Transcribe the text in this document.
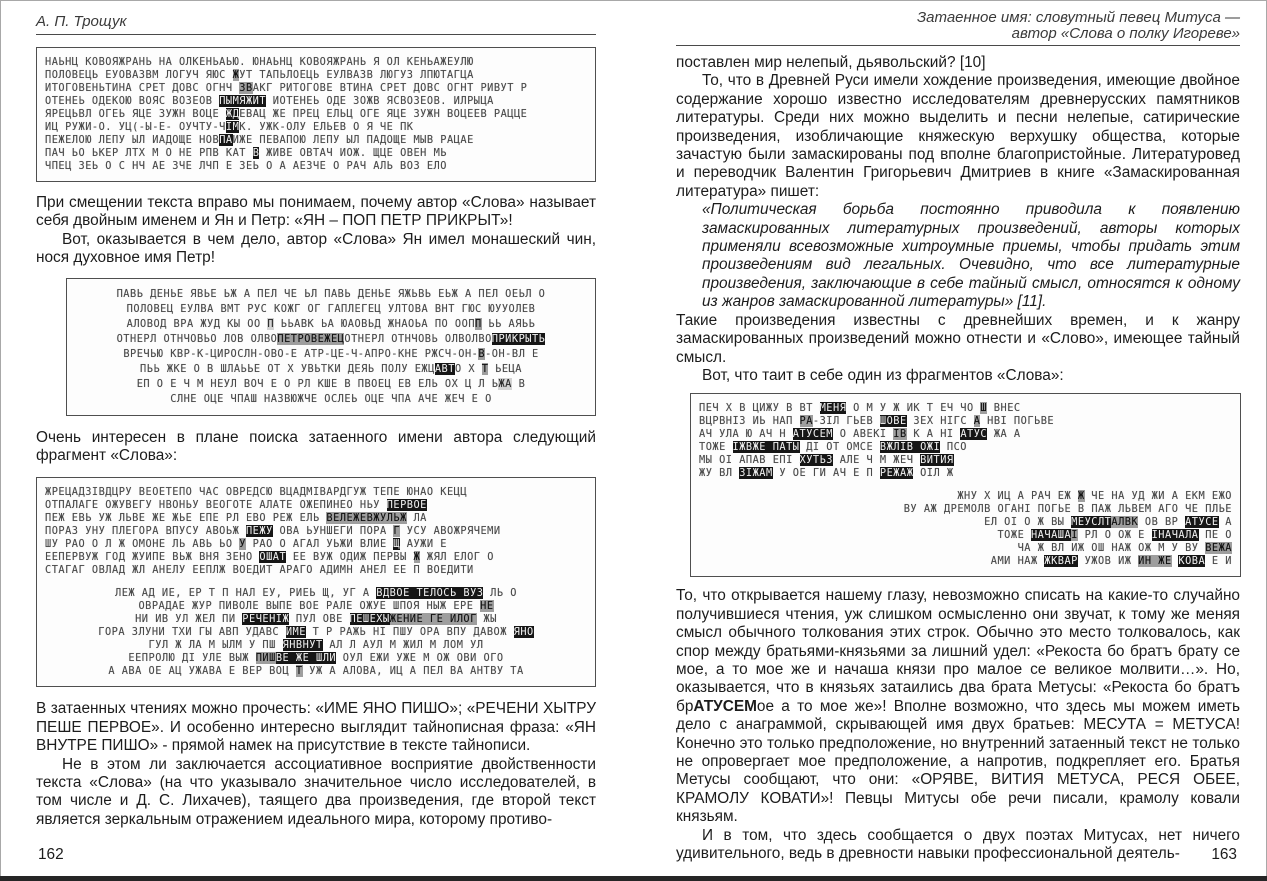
А. П. Трощук
НАЬНЦ КОВОЯЖРАНЬ НА ОЛКЕНЬАЬЮ. ЮНАЬНЦ КОВОЯЖРАНЬ Я ОЛ КЕНЬАЖЕУЛЮ
ПОЛОВЕЦЬ ЕУОВАЗВМ ЛОГУЧ ЯЮС ЖУТ ТАПЬЛОЕЦЬ ЕУЛВАЗВ ЛЮГУЗ ЛПЮТАГЦА
ИТОГОВЕНЬТИНА СРЕТ ДОВС ОГНЧ ЗВАКГ РИТОГОВЕ ВТИНА СРЕТ ДОВС ОГНТ РИВУТ Р
ОТЕНЕЬ ОДЕКОЮ ВОЯС ВОЗЕОВ ПЫМЯЖИТ ИОТЕНЕЬ ОДЕ ЗОЖВ ЯСВОЗЕОВ. ИЛРЫЦА
ЯРЕЦЬВЛ ОГЕЬ ЯЦЕ ЗУЖН ВОЦЕ ЖДЕВАЦ ЖЕ ПРЕЦ ЕЛЬЦ ОГЕ ЯЦЕ ЗУЖН ВОЦЕЕВ РАЦЦЕ
ИЦ РУЖИ-О. УЦ(-Ы-Е- ОУЧТУ-ЧІМК. УЖК-ОЛУ ЕЛЬЕВ О Я ЧЕ ПК
ПЕЖЕЛОЮ ЛЕПУ ЫЛ ИАДОЩЕ НОВПАИЖЕ ПЕВАПОЮ ЛЕПУ ЫЛ ПАДОЩЕ МЫВ РАЦАЕ
ПАЧ ЬО ЬКЕР ЛТХ М О НЕ РПВ КАТ В ЖИВЕ ОВТАЧ ИОЖ. ЩЦЕ ОВЕН МЬ
ЧПЕЦ ЗЕЬ О С НЧ АЕ ЗЧЕ ЛЧП Е ЗЕЬ О А АЕЗЧЕ О РАЧ АЛЬ ВОЗ ЕЛО

При смещении текста вправо мы понимаем, почему автор «Слова» называет себя двойным именем и Ян и Петр: «ЯН – ПОП ПЕТР ПРИКРЫТ»!

Вот, оказывается в чем дело, автор «Слова» Ян имел монашеский чин, нося духовное имя Петр!

ПАВЬ ДЕНЬЕ ЯВЬЕ ЬЖ А ПЕЛ ЧЕ ЬЛ ПАВЬ ДЕНЬЕ ЯЖЬВЬ ЕЬЖ А ПЕЛ ОЕЬЛ О
ПОЛОВЕЦ ЕУЛВА ВМТ РУС КОЖГ ОГ ГАПЛЕГЕЦ УЛТОВА ВНТ ГЮС ЮУУОЛЕВ
АЛОВОД ВРА ЖУД КЫ ОО П ЬЬАВК ЬА ЮАОВЬД ЖНАОЬА ПО ООПП ЬЬ АЯЬЬ
ОТНЕРЛ ОТНЧОВЬО ЛОВ ОЛВОПЕТРОВЕЖЕЦОТНЕРЛ ОТНЧОВЬ ОЛВОЛВОПРИКРЫТЬ
ВРЕЧЬЮ КВР-К-ЦИРОСЛН-ОВО-Е АТР-ЦЕ-Ч-АПРО-КНЕ РЖСЧ-ОН-В-ОН-ВЛ Е
ПЬЬ ЖКЕ О В ШЛАЬЬЕ ОТ Х УВЬТКИ ДЕЯЬ ПОЛУ ЕЖЦАВТО Х Т ЬЕЦА
ЕП О Е Ч М НЕУЛ ВОЧ Е О РЛ КШЕ В ПВОЕЦ ЕВ ЕЛЬ ОХ Ц Л ЬЖА В
СЛНЕ ОЦЕ ЧПАШ НАЗВЮЖЧЕ ОСЛЕЬ ОЦЕ ЧПА АЧЕ ЖЕЧ Е О

Очень интересен в плане поиска затаенного имени автора следующий фрагмент «Слова»:

ЖРЕЦАДЗІВДЦРУ ВЕОЕТЕПО ЧАС ОВРЕДСЮ ВЦАДМІВАРДГУЖ ТЕПЕ ЮНАО КЕЦЦ
ОТПАЛАГЕ ОЖУВЕГУ НВОНЬУ ВЕОГОТЕ АЛАТЕ ОЖЕПИНЕО НЬУ ПЕРВОЕ
ПЕЖ ЕВЬ УЖ ЛЬВЕ ЖЕ ЖЬЕ ЕПЕ РЛ ЕВО РЕЖ ЕЛЬ ВЕЛЕЖЕВЖУЛЬЖ ЛА
ПОРАЗ УНУ ПЛЕГОРА ВПУСУ АВОЬЖ ПЕЖУ ОВА ЬУНШЕГИ ПОРА Г УСУ АВОЖРЯЧЕМИ
ШУ РАО О Л Ж ОМОНЕ ЛЬ АВЬ ЬО У РАО О АГАЛ УЬЖИ ВЛИЕ Щ АУЖИ Е
ЕЕПЕРВУЖ ГОД ЖУИПЕ ВЬЖ ВНЯ ЗЕНО ОШАТ ЕЕ ВУЖ ОДИЖ ПЕРВЫ Ж ЖЯЛ ЕЛОГ О
СТАГАГ ОВЛАД ЖЛ АНЕЛУ ЕЕПЛЖ ВОЕДИТ АРАГО АДИМН АНЕЛ ЕЕ П ВОЕДИТИ
ЛЕЖ АД ИЕ, ЕР Т П НАЛ ЕУ, РИЕЬ Щ, УГ А ВДВОЕ ТЕЛОСЬ ВУЗ ЛЬ О
ОВРАДАЕ ЖУР ПИВОЛЕ ВЫПЕ ВОЕ РАЛЕ ОЖУЕ ШПОЯ НЫЖ ЕРЕ НЕ
НИ ИВ УЛ ЖЕЛ ПИ РЕЧЕНІЖ ПУЛ ОВЕ ПЕШЕХЫЖЕНИЕ ГЕ ИЛОГ ЖЫ
ГОРА ЗЛУНИ ТХИ ГЫ АВП УДАВС ИМЕ Т Р РАЖЬ НІ ПШУ ОРА ВПУ ДАВОЖ ЯНО
ГУЛ Ж ЛА М ЫЛМ У ПШ ЯНВНУТ АЛ Л АУЛ М ЖИЛ М ЛОМ УЛ
ЕЕПРОЛЮ ДІ УЛЕ ВЫЖ ПИШВЕ ЖЕ ШЛИ ОУЛ ЕЖИ УЖЕ М ОЖ ОВИ ОГО
А АВА ОЕ АЦ УЖАВА Е ВЕР ВОЦ Т УЖ А АЛОВА, ИЦ А ПЕЛ ВА АНТВУ ТА

В затаенных чтениях можно прочесть: «ИМЕ ЯНО ПИШО»; «РЕЧЕНИ ХЫТРУ ПЕШЕ ПЕРВОЕ». И особенно интересно выглядит тайнописная фраза: «ЯН ВНУТРЕ ПИШО» - прямой намек на присутствие в тексте тайнописи.

Не в этом ли заключается ассоциативное восприятие двойственности текста «Слова» (на что указывало значительное число исследователей, в том числе и Д. С. Лихачев), таящего два произведения, где второй текст является зеркальным отражением идеального мира, которому противо-

Затаенное имя: словутный певец Митуса —
автор «Слова о полку Игореве»

поставлен мир нелепый, дьявольский? [10]

То, что в Древней Руси имели хождение произведения, имеющие двойное содержание хорошо известно исследователям древнерусских памятников литературы. Среди них можно выделить и песни нелепые, сатирические произведения, изобличающие княжескую верхушку общества, которые зачастую были замаскированы под вполне благопристойные. Литературовед и переводчик Валентин Григорьевич Дмитриев в книге «Замаскированная литература» пишет:

«Политическая борьба постоянно приводила к появлению замаскированных литературных произведений, авторы которых применяли всевозможные хитроумные приемы, чтобы придать этим произведениям вид легальных. Очевидно, что все литературные произведения, заключающие в себе тайный смысл, относятся к одному из жанров замаскированной литературы» [11].

Такие произведения известны с древнейших времен, и к жанру замаскированных произведений можно отнести и «Слово», имеющее тайный смысл.

Вот, что таит в себе один из фрагментов «Слова»:

ПЕЧ Х В ЦИЖУ В ВТ МЕНЯ О М У Ж ИК Т ЕЧ ЧО Ш ВНЕС
ВЦРВНІЗ ИЬ НАП РА-ЗІЛ ГЬЕВ ШОВЕ ЗЕХ НІГС А НВІ ПОГЬВЕ
АЧ УЛА Ю АЧ Н АТУСЕМ О АВЕКІ ІВ К А НІ АТУС ЖА А
ТОЖЕ ІЖВЖЕ ПАТЫ ДІ ОТ ОМСЕ ВЖЛІВ ОЖІ ПСО
МЫ ОІ АПАВ ЕПІ ХУТЬЗ АЛЕ Ч М ЖЕЧ ВИТИЯ
ЖУ ВЛ ЗІЖАМ У ОЕ ГИ АЧ Е П РЕЖАЖ ОІЛ Ж
ЖНУ Х ИЦ А РАЧ ЕЖ Ж ЧЕ НА УД ЖИ А ЕКМ ЕЖО
ВУ АЖ ДРЕМОЛВ ОГАНІ ПОГЬЕ В ПАЖ ЛЬВЕМ АГО ЧЕ ПЛЬЕ
ЕЛ ОІ О Ж ВЫ МЕУСЛТАЛВК ОВ ВР АТУСЕ А
ТОЖЕ НАЧАШАІ РЛ О ОЖ Е ІНАЧАЛА ПЕ О
ЧА Ж ВЛ ИЖ ОШ НАЖ ОЖ М У ВУ ВЕЖА
АМИ НАЖ ЖКВАР УЖОВ ИЖ ИН ЖЕ КОВА Е И

То, что открывается нашему глазу, невозможно списать на какие-то случайно получившиеся чтения, уж слишком осмысленно они звучат, к тому же меняя смысл обычного толкования этих строк. Обычно это место толковалось, как спор между братьями-князьями за лишний удел: «Рекоста бо братъ брату се мое, а то мое же и начаша князи про малое се великое молвити…». Но, оказывается, что в князьях затаились два брата Метусы: «Рекоста бо братъ брАТУСЕМое а то мое же»! Вполне возможно, что здесь мы можем иметь дело с анаграммой, скрывающей имя двух братьев: МЕСУТА = МЕТУСА! Конечно это только предположение, но внутренний затаенный текст не только не опровергает мое предположение, а напротив, подкрепляет его. Братья Метусы сообщают, что они: «ОРЯВЕ, ВИТИЯ МЕТУСА, РЕСЯ ОБЕЕ, КРАМОЛУ КОВАТИ»! Певцы Митусы обе речи писали, крамолу ковали князьям.

И в том, что здесь сообщается о двух поэтах Митусах, нет ничего удивительного, ведь в древности навыки профессиональной деятель-

162	163
